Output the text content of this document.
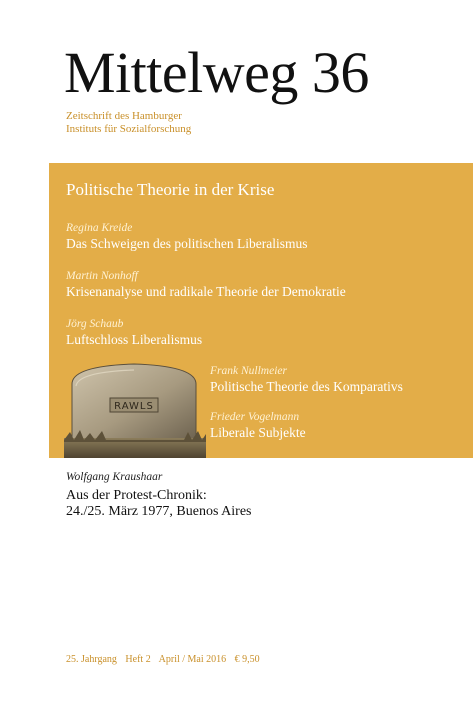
Mittelweg 36
Zeitschrift des Hamburger
Instituts für Sozialforschung
Politische Theorie in der Krise
Regina Kreide
Das Schweigen des politischen Liberalismus
Martin Nonhoff
Krisenanalyse und radikale Theorie der Demokratie
Jörg Schaub
Luftschloss Liberalismus
Frank Nullmeier
Politische Theorie des Komparativs
Frieder Vogelmann
Liberale Subjekte
RAWLS
Wolfgang Kraushaar
Aus der Protest-Chronik:
24./25. März 1977, Buenos Aires
25. Jahrgang Heft 2 April / Mai 2016 € 9,50
